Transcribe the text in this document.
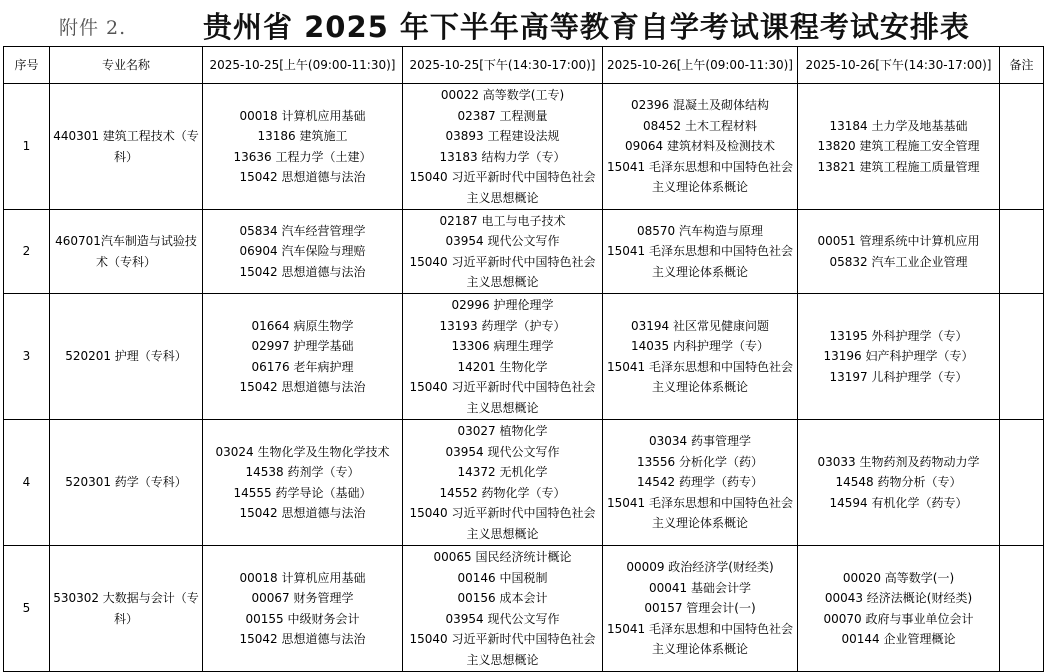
附件 2.	贵州省 2025 年下半年高等教育自学考试课程考试安排表
序号	专业名称	2025-10-25[上午(09:00-11:30)]	2025-10-25[下午(14:30-17:00)]	2025-10-26[上午(09:00-11:30)]	2025-10-26[下午(14:30-17:00)]	备注
1	440301 建筑工程技术（专科）	00018 计算机应用基础
13186 建筑施工
13636 工程力学（土建）
15042 思想道德与法治	00022 高等数学(工专)
02387 工程测量
03893 工程建设法规
13183 结构力学（专）
15040 习近平新时代中国特色社会主义思想概论	02396 混凝土及砌体结构
08452 土木工程材料
09064 建筑材料及检测技术
15041 毛泽东思想和中国特色社会主义理论体系概论	13184 土力学及地基基础
13820 建筑工程施工安全管理
13821 建筑工程施工质量管理	

2	460701汽车制造与试验技术（专科）	05834 汽车经营管理学
06904 汽车保险与理赔
15042 思想道德与法治	02187 电工与电子技术
03954 现代公文写作
15040 习近平新时代中国特色社会主义思想概论	08570 汽车构造与原理
15041 毛泽东思想和中国特色社会主义理论体系概论	00051 管理系统中计算机应用
05832 汽车工业企业管理	

3	520201 护理（专科）	01664 病原生物学
02997 护理学基础
06176 老年病护理
15042 思想道德与法治	02996 护理伦理学
13193 药理学（护专）
13306 病理生理学
14201 生物化学
15040 习近平新时代中国特色社会主义思想概论	03194 社区常见健康问题
14035 内科护理学（专）
15041 毛泽东思想和中国特色社会主义理论体系概论	13195 外科护理学（专）
13196 妇产科护理学（专）
13197 儿科护理学（专）	

4	520301 药学（专科）	03024 生物化学及生物化学技术
14538 药剂学（专）
14555 药学导论（基础）
15042 思想道德与法治	03027 植物化学
03954 现代公文写作
14372 无机化学
14552 药物化学（专）
15040 习近平新时代中国特色社会主义思想概论	03034 药事管理学
13556 分析化学（药）
14542 药理学（药专）
15041 毛泽东思想和中国特色社会主义理论体系概论	03033 生物药剂及药物动力学
14548 药物分析（专）
14594 有机化学（药专）	

5	530302 大数据与会计（专科）	00018 计算机应用基础
00067 财务管理学
00155 中级财务会计
15042 思想道德与法治	00065 国民经济统计概论
00146 中国税制
00156 成本会计
03954 现代公文写作
15040 习近平新时代中国特色社会主义思想概论	00009 政治经济学(财经类)
00041 基础会计学
00157 管理会计(一)
15041 毛泽东思想和中国特色社会主义理论体系概论	00020 高等数学(一)
00043 经济法概论(财经类)
00070 政府与事业单位会计
00144 企业管理概论	
